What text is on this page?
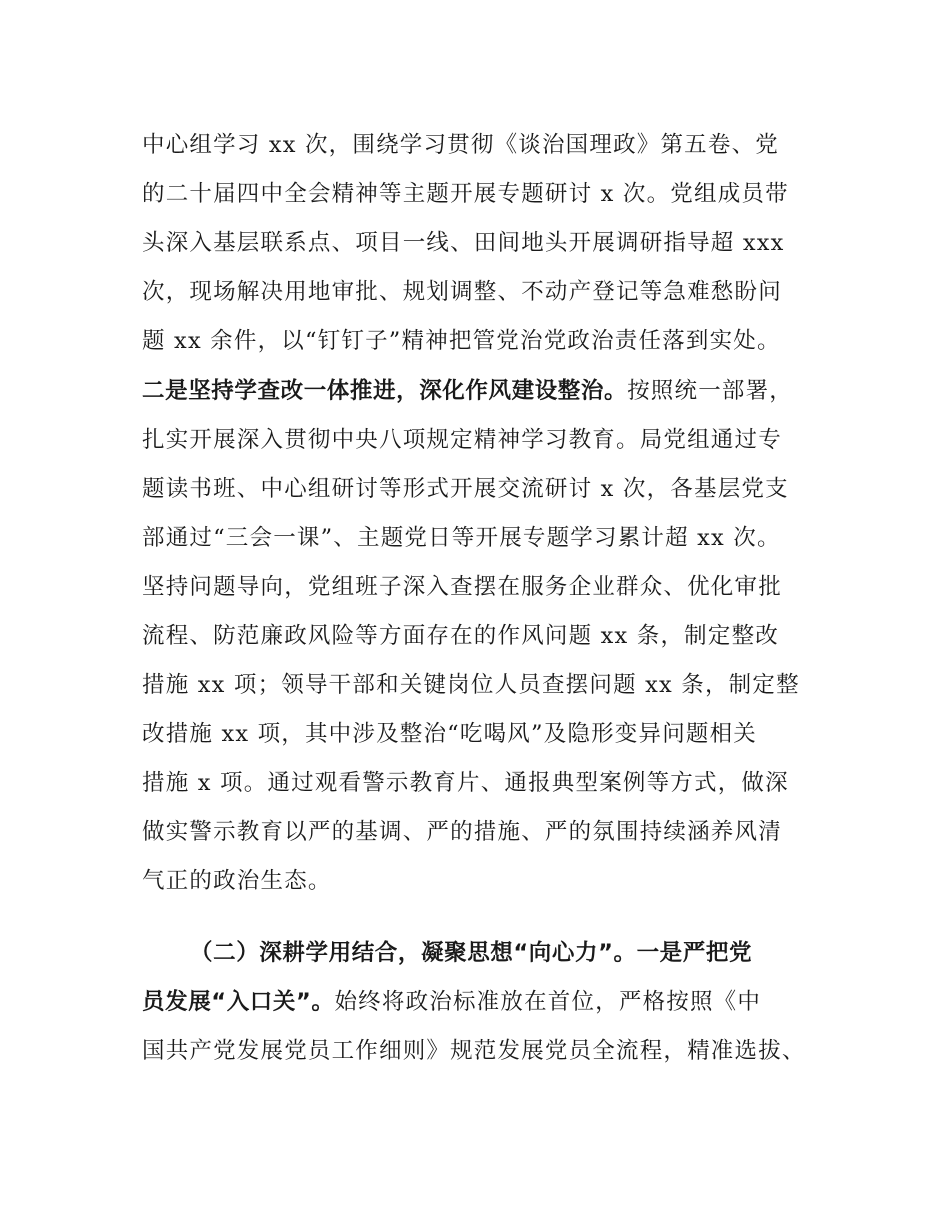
中心组学习 xx 次，围绕学习贯彻《谈治国理政》第五卷、党
的二十届四中全会精神等主题开展专题研讨 x 次。党组成员带
头深入基层联系点、项目一线、田间地头开展调研指导超 xxx
次，现场解决用地审批、规划调整、不动产登记等急难愁盼问
题 xx 余件，以“钉钉子”精神把管党治党政治责任落到实处。
二是坚持学查改一体推进，深化作风建设整治。按照统一部署，
扎实开展深入贯彻中央八项规定精神学习教育。局党组通过专
题读书班、中心组研讨等形式开展交流研讨 x 次，各基层党支
部通过“三会一课”、主题党日等开展专题学习累计超 xx 次。
坚持问题导向，党组班子深入查摆在服务企业群众、优化审批
流程、防范廉政风险等方面存在的作风问题 xx 条，制定整改
措施 xx 项；领导干部和关键岗位人员查摆问题 xx 条，制定整
改措施 xx 项，其中涉及整治“吃喝风”及隐形变异问题相关
措施 x 项。通过观看警示教育片、通报典型案例等方式，做深
做实警示教育以严的基调、严的措施、严的氛围持续涵养风清
气正的政治生态。
（二）深耕学用结合，凝聚思想“向心力”。一是严把党
员发展“入口关”。始终将政治标准放在首位，严格按照《中
国共产党发展党员工作细则》规范发展党员全流程，精准选拔、
